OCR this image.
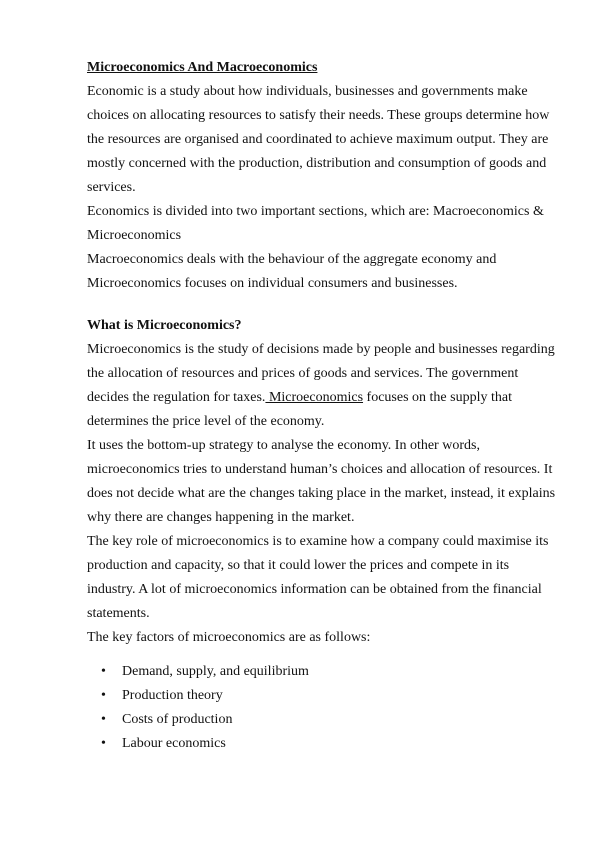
Microeconomics And Macroeconomics

Economic is a study about how individuals, businesses and governments make choices on allocating resources to satisfy their needs. These groups determine how the resources are organised and coordinated to achieve maximum output. They are mostly concerned with the production, distribution and consumption of goods and services.

Economics is divided into two important sections, which are: Macroeconomics & Microeconomics

Macroeconomics deals with the behaviour of the aggregate economy and Microeconomics focuses on individual consumers and businesses.

What is Microeconomics?

Microeconomics is the study of decisions made by people and businesses regarding the allocation of resources and prices of goods and services. The government decides the regulation for taxes. Microeconomics focuses on the supply that determines the price level of the economy.

It uses the bottom-up strategy to analyse the economy. In other words, microeconomics tries to understand human’s choices and allocation of resources. It does not decide what are the changes taking place in the market, instead, it explains why there are changes happening in the market.

The key role of microeconomics is to examine how a company could maximise its production and capacity, so that it could lower the prices and compete in its industry. A lot of microeconomics information can be obtained from the financial statements.

The key factors of microeconomics are as follows:

•	Demand, supply, and equilibrium
•	Production theory
•	Costs of production
•	Labour economics
